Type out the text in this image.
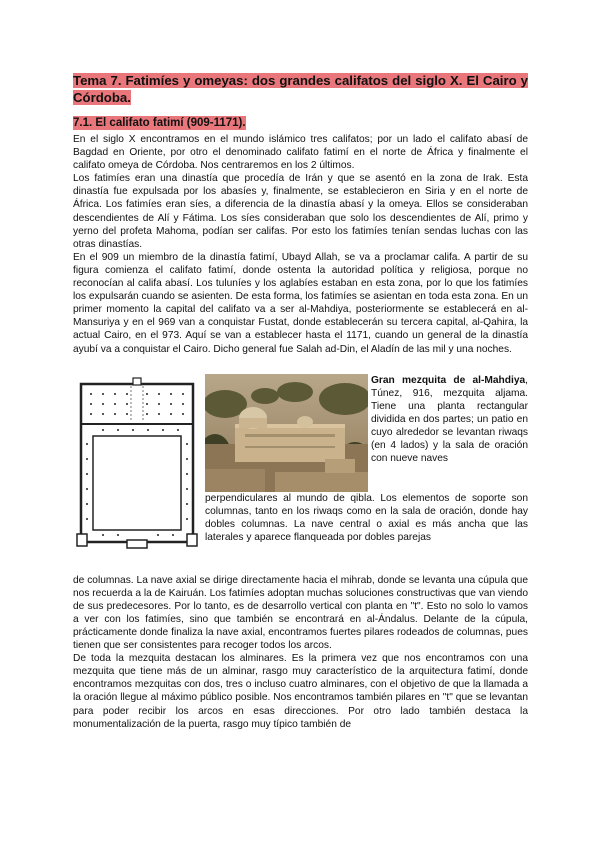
Tema 7. Fatimíes y omeyas: dos grandes califatos del siglo X. El Cairo y Córdoba.
7.1. El califato fatimí (909-1171).

En el siglo X encontramos en el mundo islámico tres califatos; por un lado el califato abasí de Bagdad en Oriente, por otro el denominado califato fatimí en el norte de África y finalmente el califato omeya de Córdoba. Nos centraremos en los 2 últimos.

Los fatimíes eran una dinastía que procedía de Irán y que se asentó en la zona de Irak. Esta dinastía fue expulsada por los abasíes y, finalmente, se establecieron en Siria y en el norte de África. Los fatimíes eran síes, a diferencia de la dinastía abasí y la omeya. Ellos se consideraban descendientes de Alí y Fátima. Los síes consideraban que solo los descendientes de Alí, primo y yerno del profeta Mahoma, podían ser califas. Por esto los fatimíes tenían sendas luchas con las otras dinastías.

En el 909 un miembro de la dinastía fatimí, Ubayd Allah, se va a proclamar califa. A partir de su figura comienza el califato fatimí, donde ostenta la autoridad política y religiosa, porque no reconocían al califa abasí. Los tuluníes y los aglabíes estaban en esta zona, por lo que los fatimíes los expulsarán cuando se asienten. De esta forma, los fatimíes se asientan en toda esta zona. En un primer momento la capital del califato va a ser al-Mahdiya, posteriormente se establecerá en al-Mansuriya y en el 969 van a conquistar Fustat, donde establecerán su tercera capital, al-Qahira, la actual Cairo, en el 973. Aquí se van a establecer hasta el 1171, cuando un general de la dinastía ayubí va a conquistar el Cairo. Dicho general fue Salah ad-Din, el Aladín de las mil y una noches.

Gran mezquita de al-Mahdiya, Túnez, 916, mezquita aljama. Tiene una planta rectangular dividida en dos partes; un patio en cuyo alrededor se levantan riwaqs (en 4 lados) y la sala de oración con nueve naves

perpendiculares al mundo de qibla. Los elementos de soporte son columnas, tanto en los riwaqs como en la sala de oración, donde hay dobles columnas. La nave central o axial es más ancha que las laterales y aparece flanqueada por dobles parejas

de columnas. La nave axial se dirige directamente hacia el mihrab, donde se levanta una cúpula que nos recuerda a la de Kairuán. Los fatimíes adoptan muchas soluciones constructivas que van viendo de sus predecesores. Por lo tanto, es de desarrollo vertical con planta en "t". Esto no solo lo vamos a ver con los fatimíes, sino que también se encontrará en al-Ándalus. Delante de la cúpula, prácticamente donde finaliza la nave axial, encontramos fuertes pilares rodeados de columnas, pues tienen que ser consistentes para recoger todos los arcos.

De toda la mezquita destacan los alminares. Es la primera vez que nos encontramos con una mezquita que tiene más de un alminar, rasgo muy característico de la arquitectura fatimí, donde encontramos mezquitas con dos, tres o incluso cuatro alminares, con el objetivo de que la llamada a la oración llegue al máximo público posible. Nos encontramos también pilares en "t" que se levantan para poder recibir los arcos en esas direcciones. Por otro lado también destaca la monumentalización de la puerta, rasgo muy típico también de
